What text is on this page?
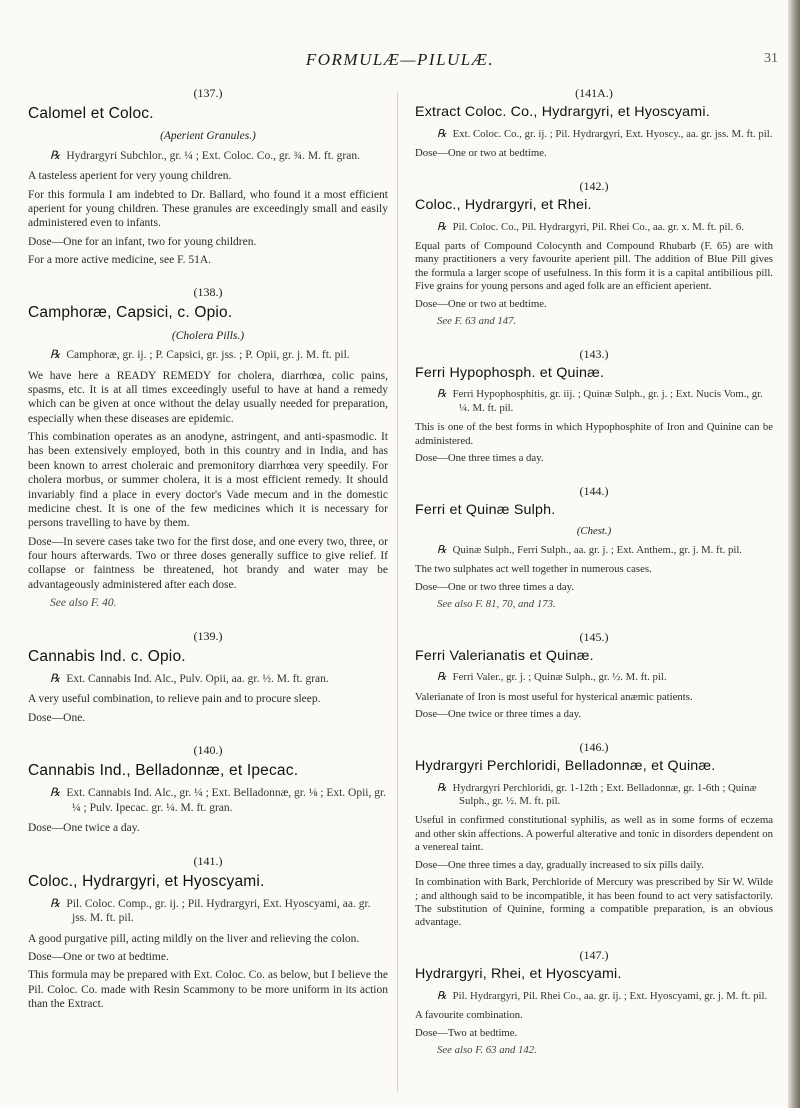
FORMULÆ—PILULÆ.	31
(137.)
Calomel et Coloc.
(Aperient Granules.)
℞ Hydrargyri Subchlor., gr. ¼ ; Ext. Coloc. Co., gr. ¾. M. ft. gran.

A tasteless aperient for very young children.

For this formula I am indebted to Dr. Ballard, who found it a most efficient aperient for young children. These granules are exceedingly small and easily administered even to infants.

Dose—One for an infant, two for young children.

For a more active medicine, see F. 51A.

(138.)
Camphoræ, Capsici, c. Opio.
(Cholera Pills.)
℞ Camphoræ, gr. ij. ; P. Capsici, gr. jss. ; P. Opii, gr. j. M. ft. pil.

We have here a READY REMEDY for cholera, diarrhœa, colic pains, spasms, etc. It is at all times exceedingly useful to have at hand a remedy which can be given at once without the delay usually needed for preparation, especially when these diseases are epidemic.

This combination operates as an anodyne, astringent, and anti-spasmodic. It has been extensively employed, both in this country and in India, and has been known to arrest choleraic and premonitory diarrhœa very speedily. For cholera morbus, or summer cholera, it is a most efficient remedy. It should invariably find a place in every doctor's Vade mecum and in the domestic medicine chest. It is one of the few medicines which it is necessary for persons travelling to have by them.

Dose—In severe cases take two for the first dose, and one every two, three, or four hours afterwards. Two or three doses generally suffice to give relief. If collapse or faintness be threatened, hot brandy and water may be advantageously administered after each dose.

See also F. 40.

(139.)
Cannabis Ind. c. Opio.
℞ Ext. Cannabis Ind. Alc., Pulv. Opii, aa. gr. ½. M. ft. gran.

A very useful combination, to relieve pain and to procure sleep.

Dose—One.

(140.)
Cannabis Ind., Belladonnæ, et Ipecac.
℞ Ext. Cannabis Ind. Alc., gr. ¼ ; Ext. Belladonnæ, gr. ⅛ ; Ext. Opii, gr. ¼ ; Pulv. Ipecac. gr. ¼. M. ft. gran.

Dose—One twice a day.

(141.)
Coloc., Hydrargyri, et Hyoscyami.
℞ Pil. Coloc. Comp., gr. ij. ; Pil. Hydrargyri, Ext. Hyoscyami, aa. gr. jss. M. ft. pil.

A good purgative pill, acting mildly on the liver and relieving the colon.

Dose—One or two at bedtime.

This formula may be prepared with Ext. Coloc. Co. as below, but I believe the Pil. Coloc. Co. made with Resin Scammony to be more uniform in its action than the Extract.

(141A.)
Extract Coloc. Co., Hydrargyri, et Hyoscyami.
℞ Ext. Coloc. Co., gr. ij. ; Pil. Hydrargyri, Ext. Hyoscy., aa. gr. jss. M. ft. pil.

Dose—One or two at bedtime.

(142.)
Coloc., Hydrargyri, et Rhei.
℞ Pil. Coloc. Co., Pil. Hydrargyri, Pil. Rhei Co., aa. gr. x. M. ft. pil. 6.

Equal parts of Compound Colocynth and Compound Rhubarb (F. 65) are with many practitioners a very favourite aperient pill. The addition of Blue Pill gives the formula a larger scope of usefulness. In this form it is a capital antibilious pill. Five grains for young persons and aged folk are an efficient aperient.

Dose—One or two at bedtime.

See F. 63 and 147.

(143.)
Ferri Hypophosph. et Quinæ.
℞ Ferri Hypophosphitis, gr. iij. ; Quinæ Sulph., gr. j. ; Ext. Nucis Vom., gr. ¼. M. ft. pil.

This is one of the best forms in which Hypophosphite of Iron and Quinine can be administered.

Dose—One three times a day.

(144.)
Ferri et Quinæ Sulph.
(Chest.)
℞ Quinæ Sulph., Ferri Sulph., aa. gr. j. ; Ext. Anthem., gr. j. M. ft. pil.

The two sulphates act well together in numerous cases.

Dose—One or two three times a day.

See also F. 81, 70, and 173.

(145.)
Ferri Valerianatis et Quinæ.
℞ Ferri Valer., gr. j. ; Quinæ Sulph., gr. ½. M. ft. pil.

Valerianate of Iron is most useful for hysterical anæmic patients.

Dose—One twice or three times a day.

(146.)
Hydrargyri Perchloridi, Belladonnæ, et Quinæ.
℞ Hydrargyri Perchloridi, gr. 1-12th ; Ext. Belladonnæ, gr. 1-6th ; Quinæ Sulph., gr. ½. M. ft. pil.

Useful in confirmed constitutional syphilis, as well as in some forms of eczema and other skin affections. A powerful alterative and tonic in disorders dependent on a venereal taint.

Dose—One three times a day, gradually increased to six pills daily.

In combination with Bark, Perchloride of Mercury was prescribed by Sir W. Wilde ; and although said to be incompatible, it has been found to act very satisfactorily. The substitution of Quinine, forming a compatible preparation, is an obvious advantage.

(147.)
Hydrargyri, Rhei, et Hyoscyami.
℞ Pil. Hydrargyri, Pil. Rhei Co., aa. gr. ij. ; Ext. Hyoscyami, gr. j. M. ft. pil.

A favourite combination.

Dose—Two at bedtime.

See also F. 63 and 142.
